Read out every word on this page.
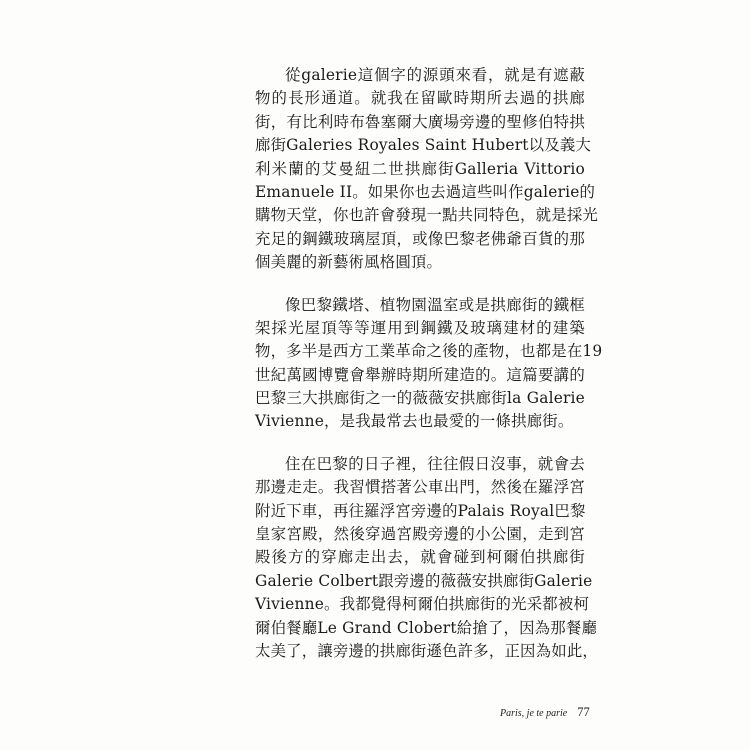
從galerie這個字的源頭來看，就是有遮蔽
物的長形通道。就我在留歐時期所去過的拱廊
街，有比利時布魯塞爾大廣場旁邊的聖修伯特拱
廊街Galeries Royales Saint Hubert以及義大
利米蘭的艾曼紐二世拱廊街Galleria Vittorio
Emanuele II。如果你也去過這些叫作galerie的
購物天堂，你也許會發現一點共同特色，就是採光
充足的鋼鐵玻璃屋頂，或像巴黎老佛爺百貨的那
個美麗的新藝術風格圓頂。

像巴黎鐵塔、植物園溫室或是拱廊街的鐵框
架採光屋頂等等運用到鋼鐵及玻璃建材的建築
物，多半是西方工業革命之後的產物，也都是在19
世紀萬國博覽會舉辦時期所建造的。這篇要講的
巴黎三大拱廊街之一的薇薇安拱廊街la Galerie
Vivienne，是我最常去也最愛的一條拱廊街。

住在巴黎的日子裡，往往假日沒事，就會去
那邊走走。我習慣搭著公車出門，然後在羅浮宮
附近下車，再往羅浮宮旁邊的Palais Royal巴黎
皇家宮殿，然後穿過宮殿旁邊的小公園，走到宮
殿後方的穿廊走出去，就會碰到柯爾伯拱廊街
Galerie Colbert跟旁邊的薇薇安拱廊街Galerie
Vivienne。我都覺得柯爾伯拱廊街的光采都被柯
爾伯餐廳Le Grand Clobert給搶了，因為那餐廳
太美了，讓旁邊的拱廊街遜色許多，正因為如此，

Paris, je te parie 77
